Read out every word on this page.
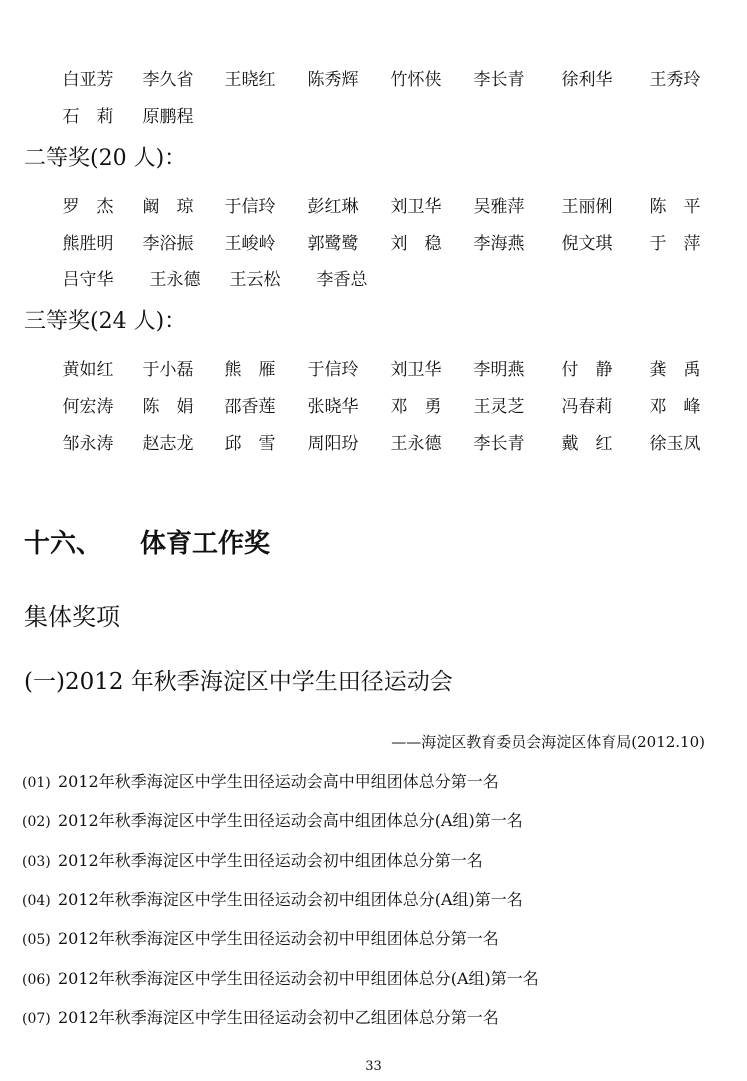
白亚芳	李久省	王晓红	陈秀辉	竹怀侠	李长青	徐利华	王秀玲
石　莉	原鹏程
二等奖(20 人)：
罗　杰	阚　琼	于信玲	彭红琳	刘卫华	吴雅萍	王丽俐	陈　平
熊胜明	李浴振	王峻岭	郭鹭鹭	刘　稳	李海燕	倪文琪	于　萍
吕守华	王永德	王云松	李香总
三等奖(24 人)：
黄如红	于小磊	熊　雁	于信玲	刘卫华	李明燕	付　静	龚　禹
何宏涛	陈　娟	邵香莲	张晓华	邓　勇	王灵芝	冯春莉	邓　峰
邹永涛	赵志龙	邱　雪	周阳玢	王永德	李长青	戴　红	徐玉凤
十六、 体育工作奖
集体奖项
(一)2012 年秋季海淀区中学生田径运动会
——海淀区教育委员会海淀区体育局(2012.10)
(01) 2012年秋季海淀区中学生田径运动会高中甲组团体总分第一名
(02) 2012年秋季海淀区中学生田径运动会高中组团体总分(A组)第一名
(03) 2012年秋季海淀区中学生田径运动会初中组团体总分第一名
(04) 2012年秋季海淀区中学生田径运动会初中组团体总分(A组)第一名
(05) 2012年秋季海淀区中学生田径运动会初中甲组团体总分第一名
(06) 2012年秋季海淀区中学生田径运动会初中甲组团体总分(A组)第一名
(07) 2012年秋季海淀区中学生田径运动会初中乙组团体总分第一名
33
